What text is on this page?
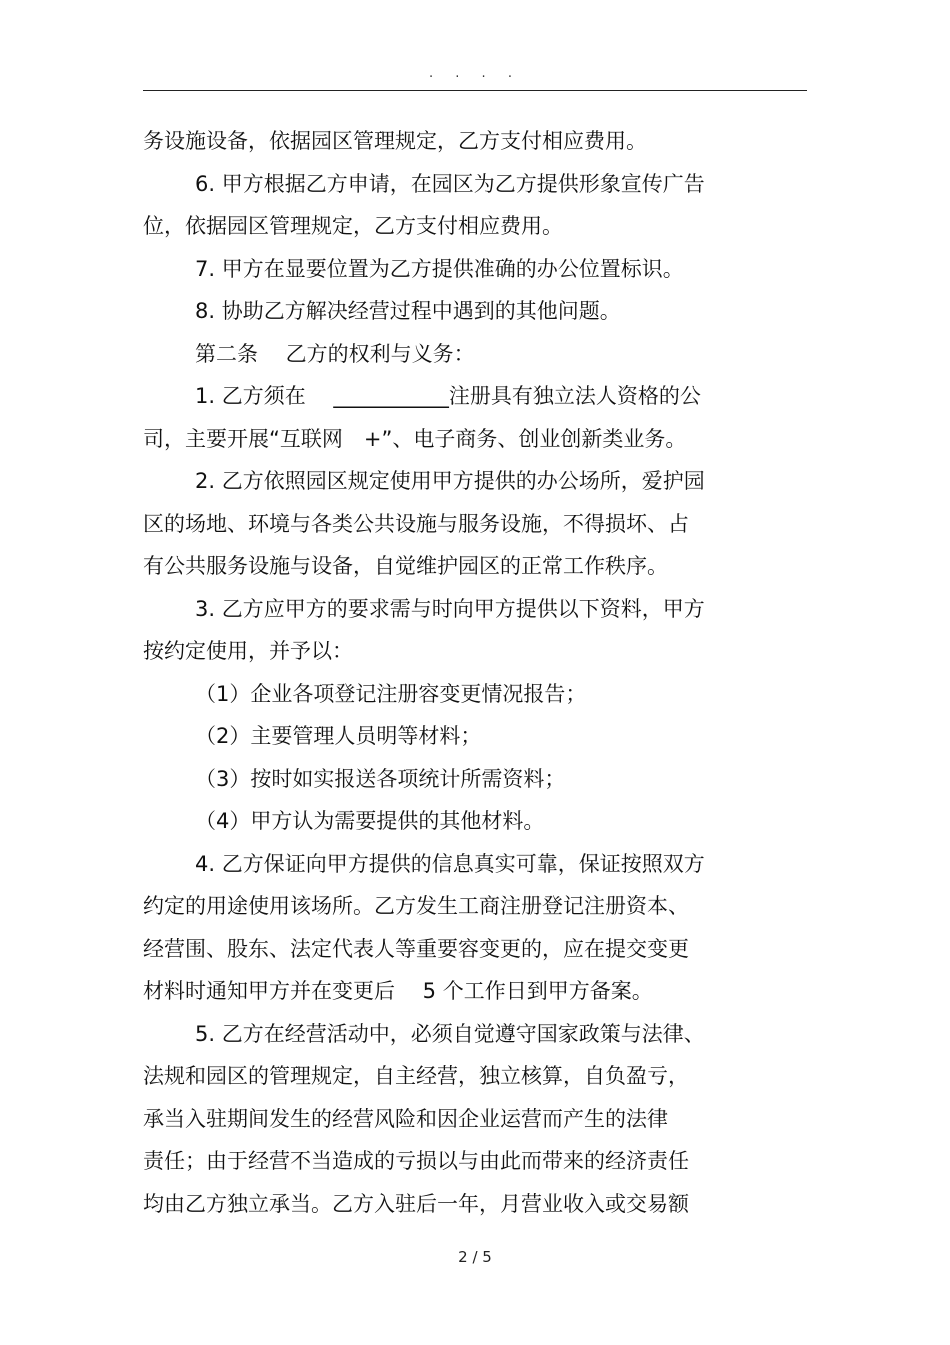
. . . .
务设施设备，依据园区管理规定，乙方支付相应费用。
6. 甲方根据乙方申请，在园区为乙方提供形象宣传广告
位，依据园区管理规定，乙方支付相应费用。
7. 甲方在显要位置为乙方提供准确的办公位置标识。
8. 协助乙方解决经营过程中遇到的其他问题。
第二条　 乙方的权利与义务：
1. 乙方须在 　___________注册具有独立法人资格的公
司，主要开展“互联网　+”、电子商务、创业创新类业务。
2. 乙方依照园区规定使用甲方提供的办公场所，爱护园
区的场地、环境与各类公共设施与服务设施，不得损坏、占
有公共服务设施与设备，自觉维护园区的正常工作秩序。
3. 乙方应甲方的要求需与时向甲方提供以下资料，甲方
按约定使用，并予以：
（1）企业各项登记注册容变更情况报告；
（2）主要管理人员明等材料；
（3）按时如实报送各项统计所需资料；
（4）甲方认为需要提供的其他材料。
4. 乙方保证向甲方提供的信息真实可靠，保证按照双方
约定的用途使用该场所。乙方发生工商注册登记注册资本、
经营围、股东、法定代表人等重要容变更的，应在提交变更
材料时通知甲方并在变更后　 5 个工作日到甲方备案。
5. 乙方在经营活动中，必须自觉遵守国家政策与法律、
法规和园区的管理规定，自主经营，独立核算，自负盈亏，
承当入驻期间发生的经营风险和因企业运营而产生的法律
责任；由于经营不当造成的亏损以与由此而带来的经济责任
均由乙方独立承当。乙方入驻后一年，月营业收入或交易额
2 / 5
